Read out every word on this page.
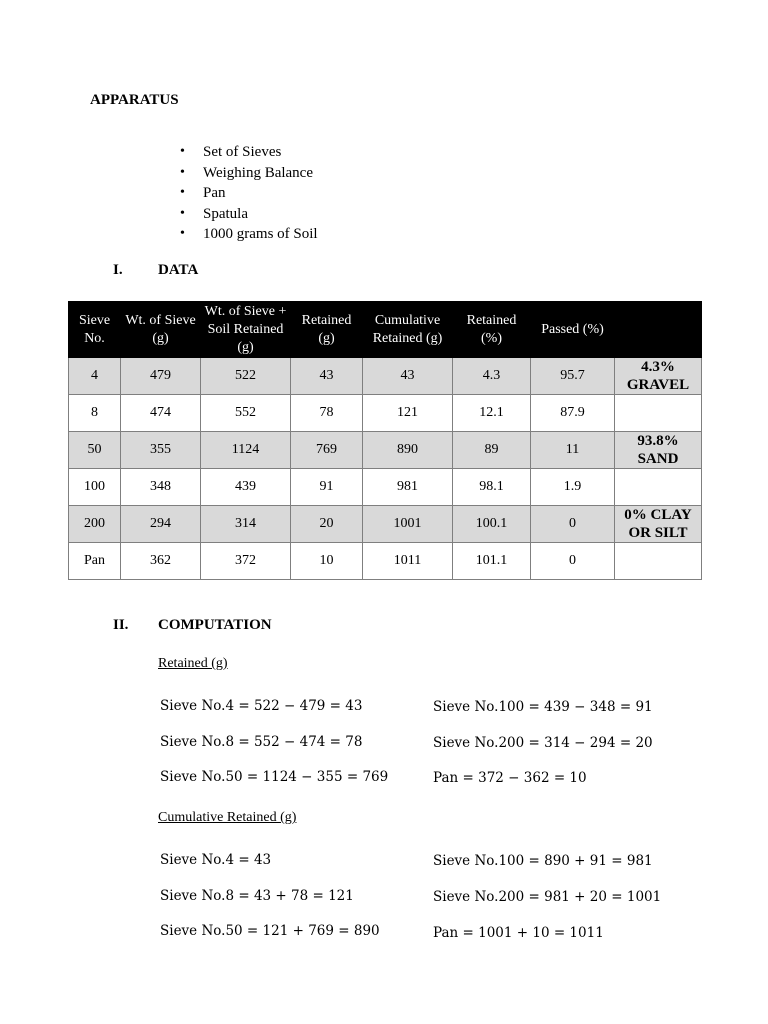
APPARATUS
• Set of Sieves
• Weighing Balance
• Pan
• Spatula
• 1000 grams of Soil
I. DATA
Sieve No.	Wt. of Sieve (g)	Wt. of Sieve + Soil Retained (g)	Retained (g)	Cumulative Retained (g)	Retained (%)	Passed (%)	
4	479	522	43	43	4.3	95.7	4.3% GRAVEL
8	474	552	78	121	12.1	87.9	
50	355	1124	769	890	89	11	93.8% SAND
100	348	439	91	981	98.1	1.9	
200	294	314	20	1001	100.1	0	0% CLAY OR SILT
Pan	362	372	10	1011	101.1	0	
II. COMPUTATION
Retained (g)
Sieve No.4 = 522 − 479 = 43
Sieve No.8 = 552 − 474 = 78
Sieve No.50 = 1124 − 355 = 769
Sieve No.100 = 439 − 348 = 91
Sieve No.200 = 314 − 294 = 20
Pan = 372 − 362 = 10
Cumulative Retained (g)
Sieve No.4 = 43
Sieve No.8 = 43 + 78 = 121
Sieve No.50 = 121 + 769 = 890
Sieve No.100 = 890 + 91 = 981
Sieve No.200 = 981 + 20 = 1001
Pan = 1001 + 10 = 1011
